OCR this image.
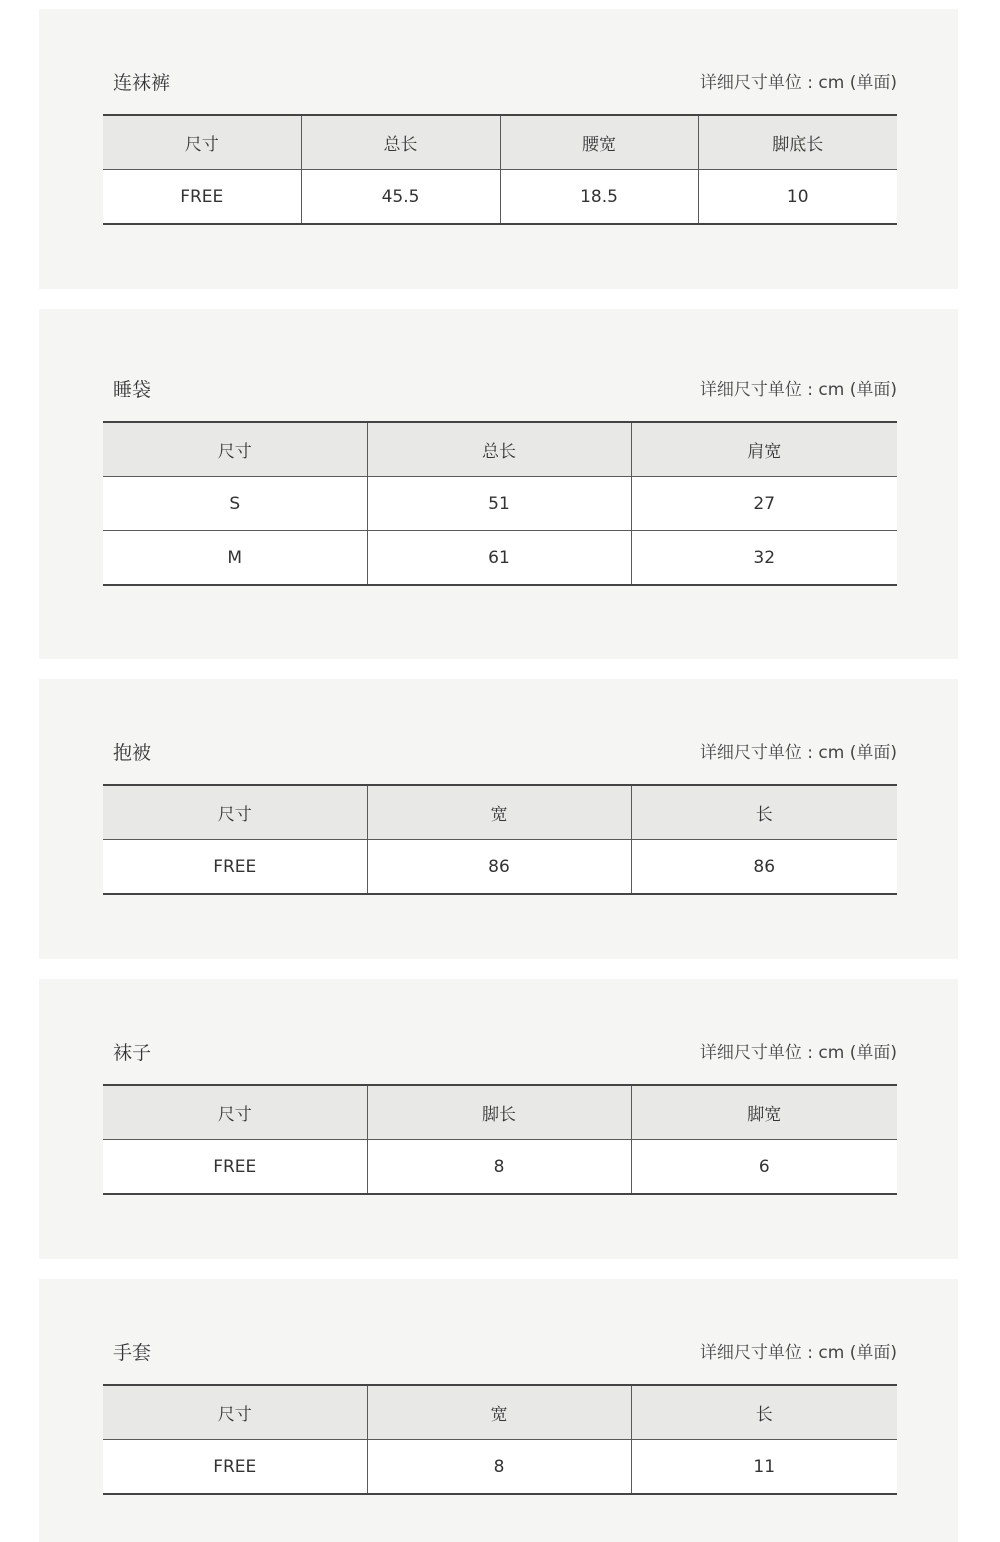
连袜裤	详细尺寸单位 : cm (单面)
尺寸	总长	腰宽	脚底长
FREE	45.5	18.5	10
睡袋	详细尺寸单位 : cm (单面)
尺寸	总长	肩宽
S	51	27
M	61	32
抱被	详细尺寸单位 : cm (单面)
尺寸	宽	长
FREE	86	86
袜子	详细尺寸单位 : cm (单面)
尺寸	脚长	脚宽
FREE	8	6
手套	详细尺寸单位 : cm (单面)
尺寸	宽	长
FREE	8	11
